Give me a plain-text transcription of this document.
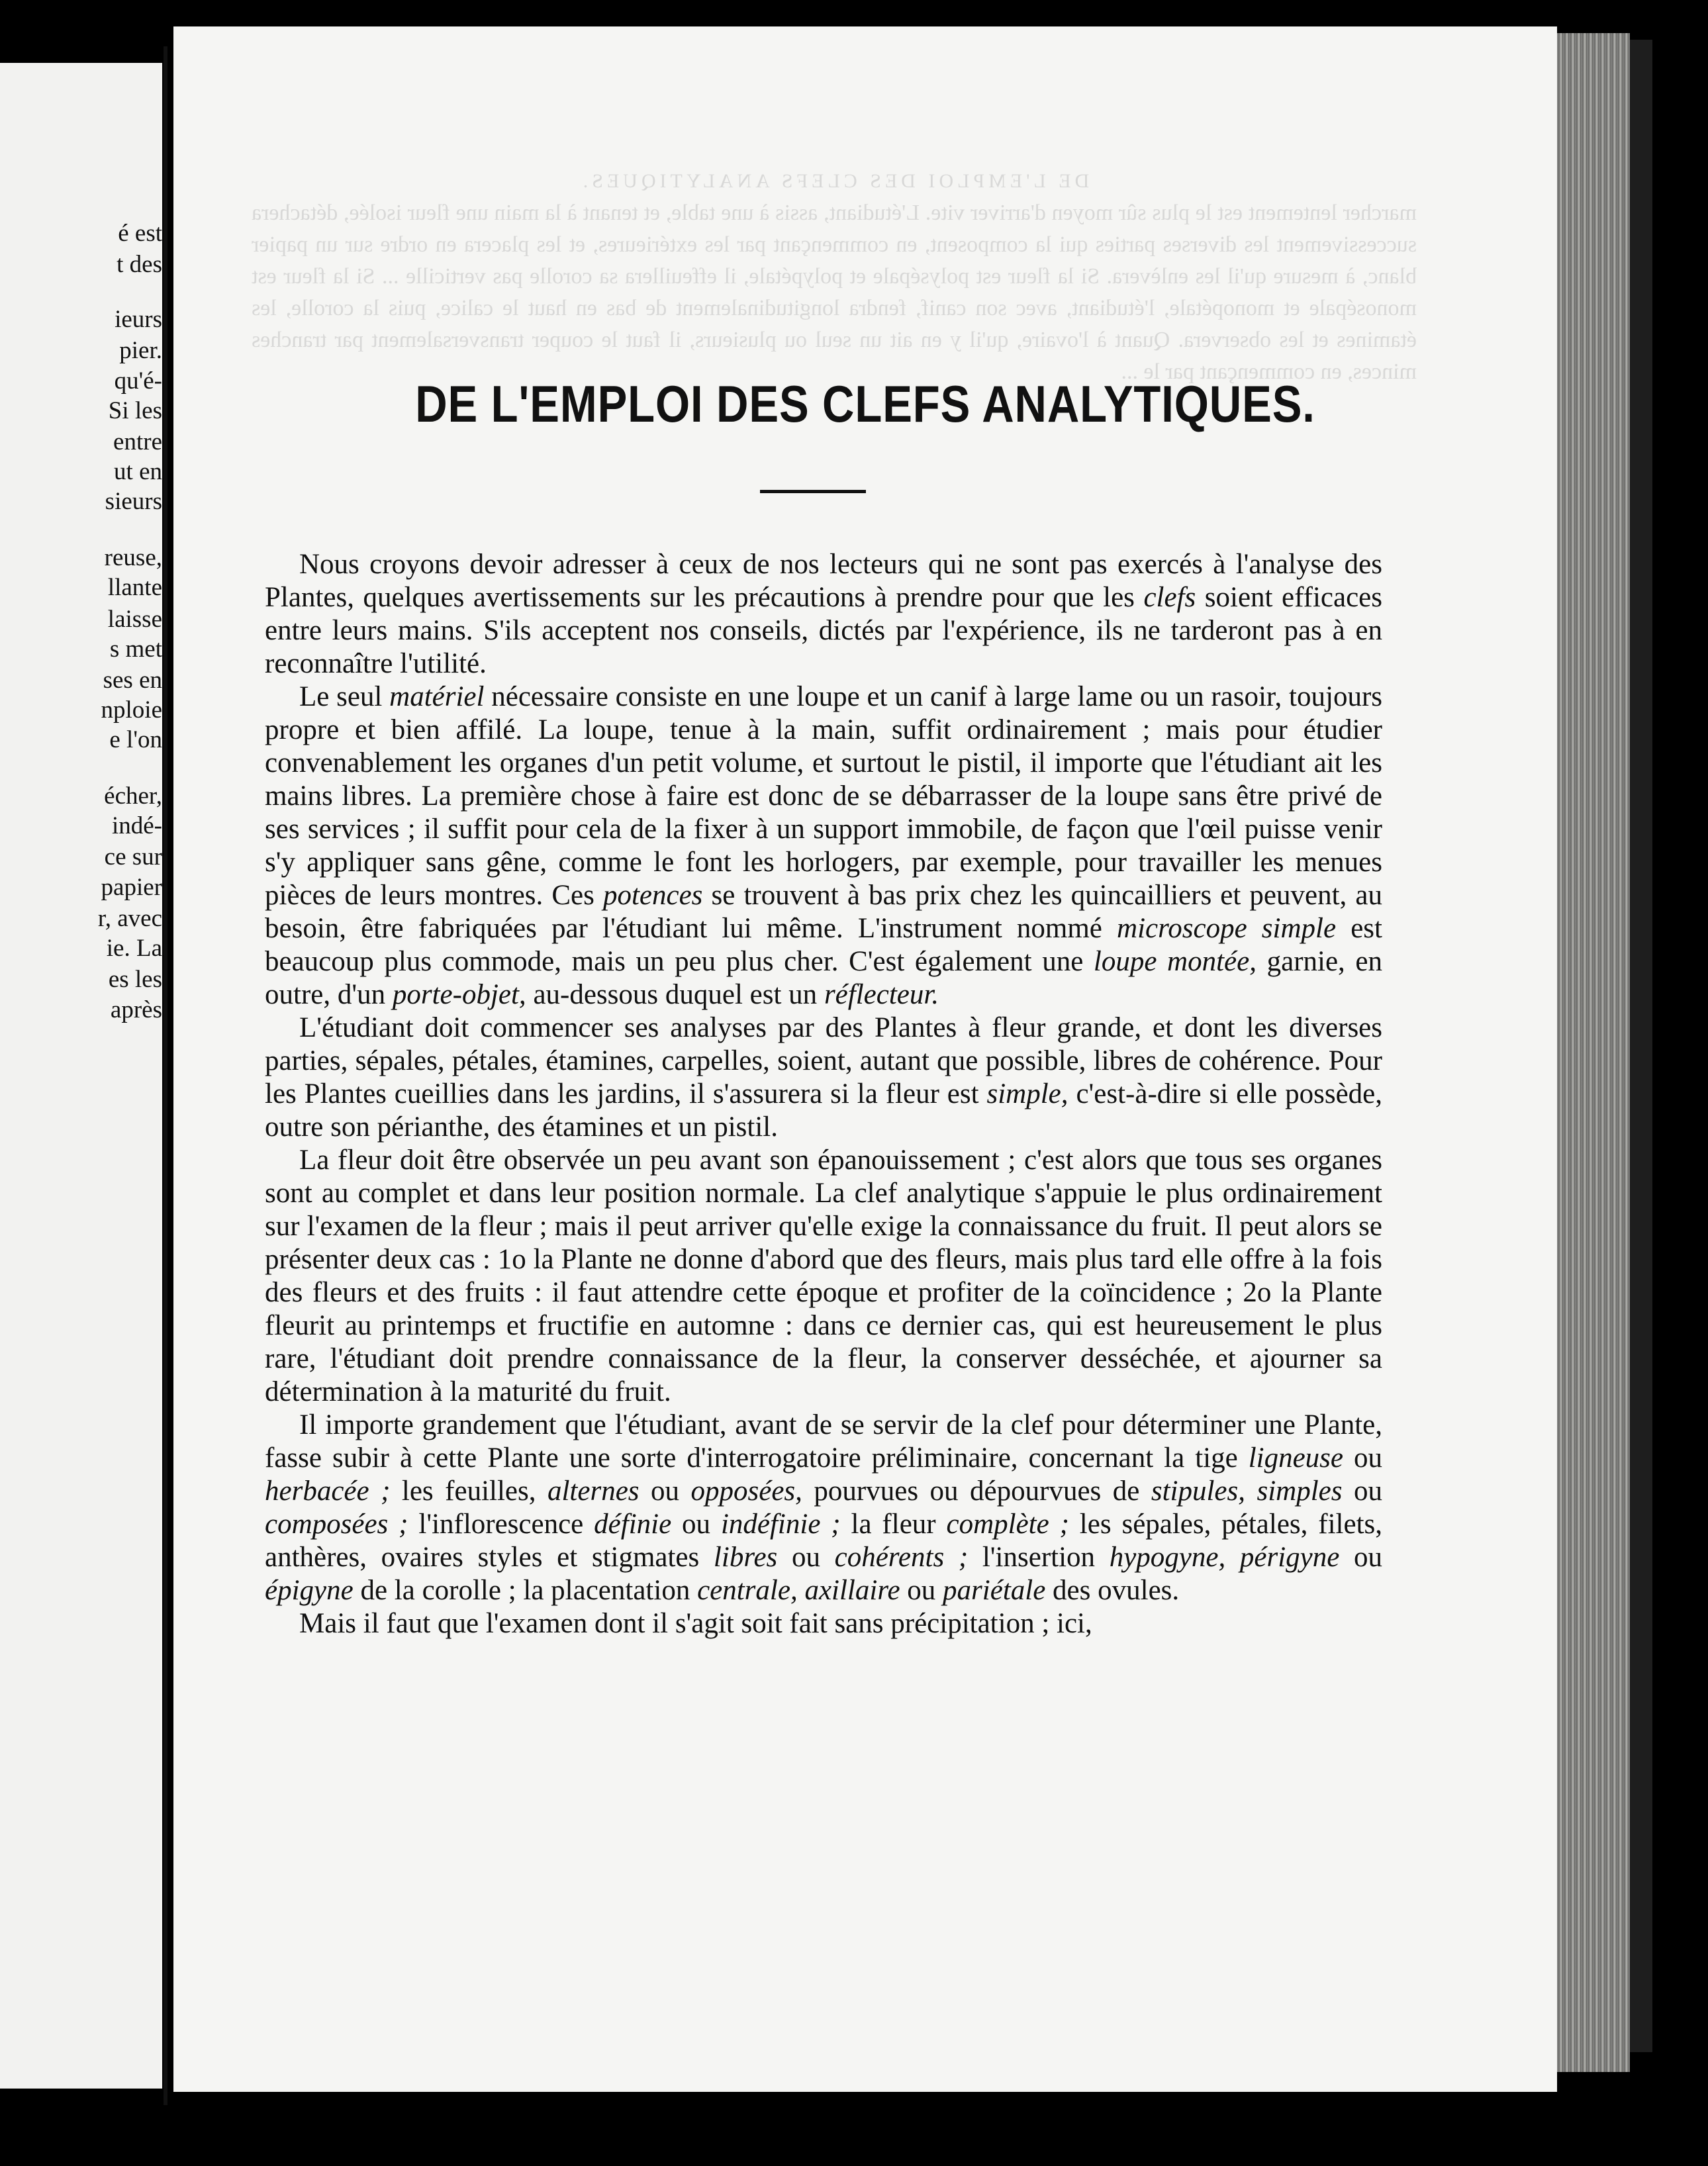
é est
t des
ieurs
pier.
qu'é-
Si les
entre
ut en
sieurs
reuse,
llante
laisse
s met
ses en
nploie
e l'on
écher,
indé-
ce sur
papier
r, avec
ie. La
es les
après
DE L'EMPLOI DES CLEFS ANALYTIQUES.
marcher lentement est le plus sûr moyen d'arriver vite. L'étudiant, assis à une table, et tenant à la main une fleur isolée, détachera successivement les diverses parties qui la composent, en commençant par les extérieures, et les placera en ordre sur un papier blanc, à mesure qu'il les enlèvera. Si la fleur est polysépale et polypétale, il effeuillera sa corolle pas verticille ... Si la fleur est monosépale et monopétale, l'étudiant, avec son canif, fendra longitudinalement de bas en haut le calice, puis la corolle, les étamines et les observera. Quant à l'ovaire, qu'il y en ait un seul ou plusieurs, il faut le couper transversalement par tranches minces, en commençant par le ...
DE L'EMPLOI DES CLEFS ANALYTIQUES.

Nous croyons devoir adresser à ceux de nos lecteurs qui ne sont pas exercés à l'analyse des Plantes, quelques avertissements sur les précautions à prendre pour que les clefs soient efficaces entre leurs mains. S'ils acceptent nos conseils, dictés par l'expérience, ils ne tarderont pas à en reconnaître l'utilité.

Le seul matériel nécessaire consiste en une loupe et un canif à large lame ou un rasoir, toujours propre et bien affilé. La loupe, tenue à la main, suffit ordinairement ; mais pour étudier convenablement les organes d'un petit volume, et surtout le pistil, il importe que l'étudiant ait les mains libres. La première chose à faire est donc de se débarrasser de la loupe sans être privé de ses services ; il suffit pour cela de la fixer à un support immobile, de façon que l'œil puisse venir s'y appliquer sans gêne, comme le font les horlogers, par exemple, pour travailler les menues pièces de leurs montres. Ces potences se trouvent à bas prix chez les quincailliers et peuvent, au besoin, être fabriquées par l'étudiant lui même. L'instrument nommé microscope simple est beaucoup plus commode, mais un peu plus cher. C'est également une loupe montée, garnie, en outre, d'un porte-objet, au-dessous duquel est un réflecteur.

L'étudiant doit commencer ses analyses par des Plantes à fleur grande, et dont les diverses parties, sépales, pétales, étamines, carpelles, soient, autant que possible, libres de cohérence. Pour les Plantes cueillies dans les jardins, il s'assurera si la fleur est simple, c'est-à-dire si elle possède, outre son périanthe, des étamines et un pistil.

La fleur doit être observée un peu avant son épanouissement ; c'est alors que tous ses organes sont au complet et dans leur position normale. La clef analytique s'appuie le plus ordinairement sur l'examen de la fleur ; mais il peut arriver qu'elle exige la connaissance du fruit. Il peut alors se présenter deux cas : 1o la Plante ne donne d'abord que des fleurs, mais plus tard elle offre à la fois des fleurs et des fruits : il faut attendre cette époque et profiter de la coïncidence ; 2o la Plante fleurit au printemps et fructifie en automne : dans ce dernier cas, qui est heureusement le plus rare, l'étudiant doit prendre connaissance de la fleur, la conserver desséchée, et ajourner sa détermination à la maturité du fruit.

Il importe grandement que l'étudiant, avant de se servir de la clef pour déterminer une Plante, fasse subir à cette Plante une sorte d'interrogatoire préliminaire, concernant la tige ligneuse ou herbacée ; les feuilles, alternes ou opposées, pourvues ou dépourvues de stipules, simples ou composées ; l'inflorescence définie ou indéfinie ; la fleur complète ; les sépales, pétales, filets, anthères, ovaires styles et stigmates libres ou cohérents ; l'insertion hypogyne, périgyne ou épigyne de la corolle ; la placentation centrale, axillaire ou pariétale des ovules.

Mais il faut que l'examen dont il s'agit soit fait sans précipitation ; ici,
